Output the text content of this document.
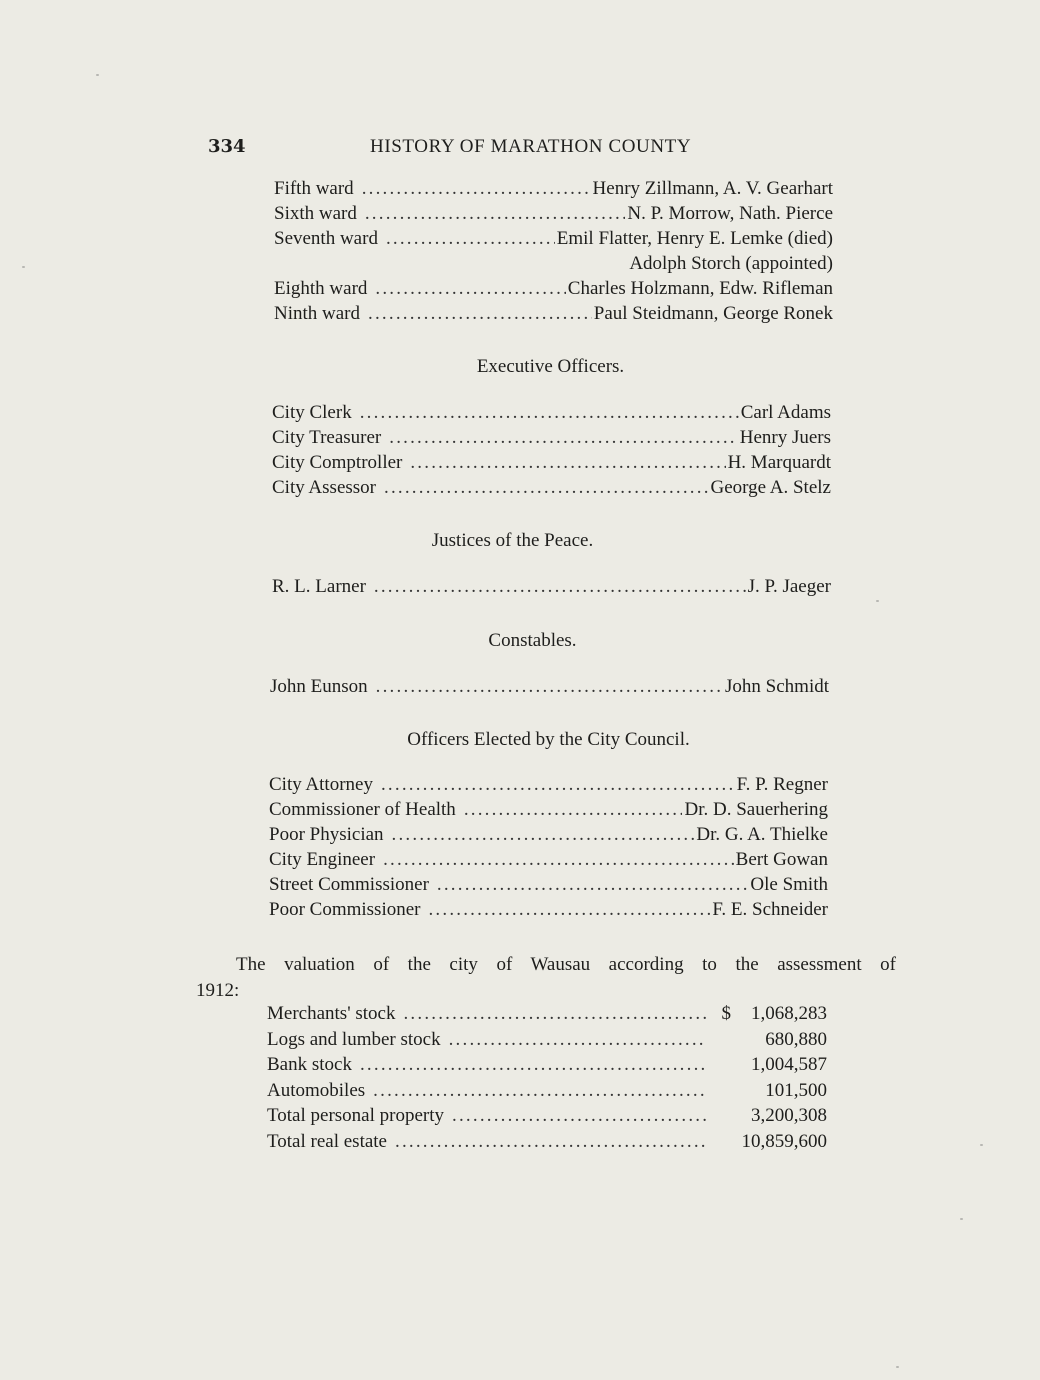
334	HISTORY OF MARATHON COUNTY
Fifth ward .....	Henry Zillmann, A. V. Gearhart
Sixth ward .....	N. P. Morrow, Nath. Pierce
Seventh ward .....	Emil Flatter, Henry E. Lemke (died)
Adolph Storch (appointed)
Eighth ward .....	Charles Holzmann, Edw. Rifleman
Ninth ward .....	Paul Steidmann, George Ronek
Executive Officers.
City Clerk .....	Carl Adams
City Treasurer .....	Henry Juers
City Comptroller .....	H. Marquardt
City Assessor .....	George A. Stelz
Justices of the Peace.
R. L. Larner .....	J. P. Jaeger
Constables.
John Eunson .....	John Schmidt
Officers Elected by the City Council.
City Attorney .....	F. P. Regner
Commissioner of Health .....	Dr. D. Sauerhering
Poor Physician .....	Dr. G. A. Thielke
City Engineer .....	Bert Gowan
Street Commissioner .....	Ole Smith
Poor Commissioner .....	F. E. Schneider
The valuation of the city of Wausau according to the assessment of
1912:
Merchants' stock .....	$	1,068,283
Logs and lumber stock .....	680,880
Bank stock .....	1,004,587
Automobiles .....	101,500
Total personal property .....	3,200,308
Total real estate .....	10,859,600
